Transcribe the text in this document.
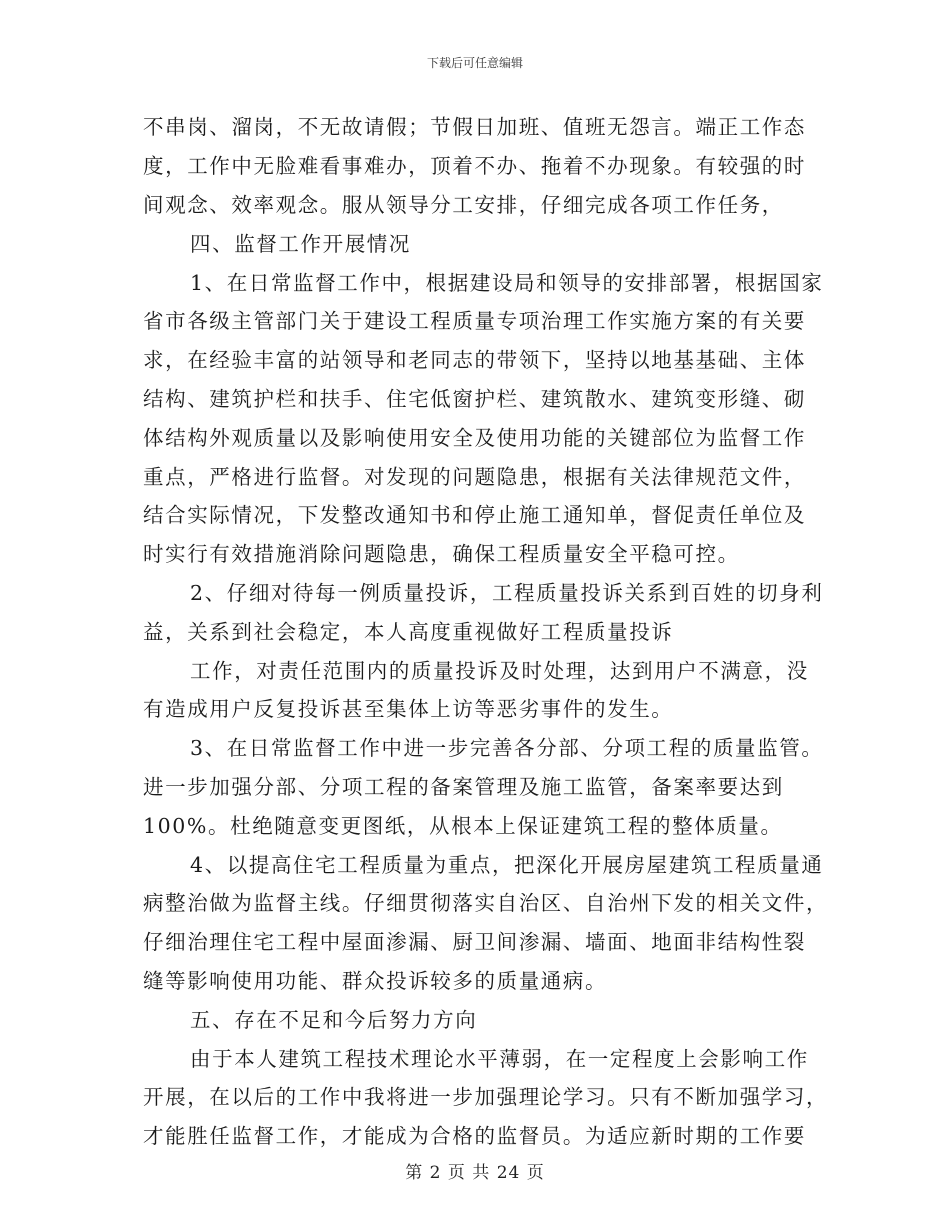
下载后可任意编辑
不串岗、溜岗，不无故请假；节假日加班、值班无怨言。端正工作态
度，工作中无脸难看事难办，顶着不办、拖着不办现象。有较强的时
间观念、效率观念。服从领导分工安排，仔细完成各项工作任务，
四、监督工作开展情况
1、在日常监督工作中，根据建设局和领导的安排部署，根据国家
省市各级主管部门关于建设工程质量专项治理工作实施方案的有关要
求，在经验丰富的站领导和老同志的带领下，坚持以地基基础、主体
结构、建筑护栏和扶手、住宅低窗护栏、建筑散水、建筑变形缝、砌
体结构外观质量以及影响使用安全及使用功能的关键部位为监督工作
重点，严格进行监督。对发现的问题隐患，根据有关法律规范文件，
结合实际情况，下发整改通知书和停止施工通知单，督促责任单位及
时实行有效措施消除问题隐患，确保工程质量安全平稳可控。
2、仔细对待每一例质量投诉，工程质量投诉关系到百姓的切身利
益，关系到社会稳定，本人高度重视做好工程质量投诉
工作，对责任范围内的质量投诉及时处理，达到用户不满意，没
有造成用户反复投诉甚至集体上访等恶劣事件的发生。
3、在日常监督工作中进一步完善各分部、分项工程的质量监管。
进一步加强分部、分项工程的备案管理及施工监管，备案率要达到
100%。杜绝随意变更图纸，从根本上保证建筑工程的整体质量。
4、以提高住宅工程质量为重点，把深化开展房屋建筑工程质量通
病整治做为监督主线。仔细贯彻落实自治区、自治州下发的相关文件，
仔细治理住宅工程中屋面渗漏、厨卫间渗漏、墙面、地面非结构性裂
缝等影响使用功能、群众投诉较多的质量通病。
五、存在不足和今后努力方向
由于本人建筑工程技术理论水平薄弱，在一定程度上会影响工作
开展，在以后的工作中我将进一步加强理论学习。只有不断加强学习，
才能胜任监督工作，才能成为合格的监督员。为适应新时期的工作要
第 2 页 共 24 页
